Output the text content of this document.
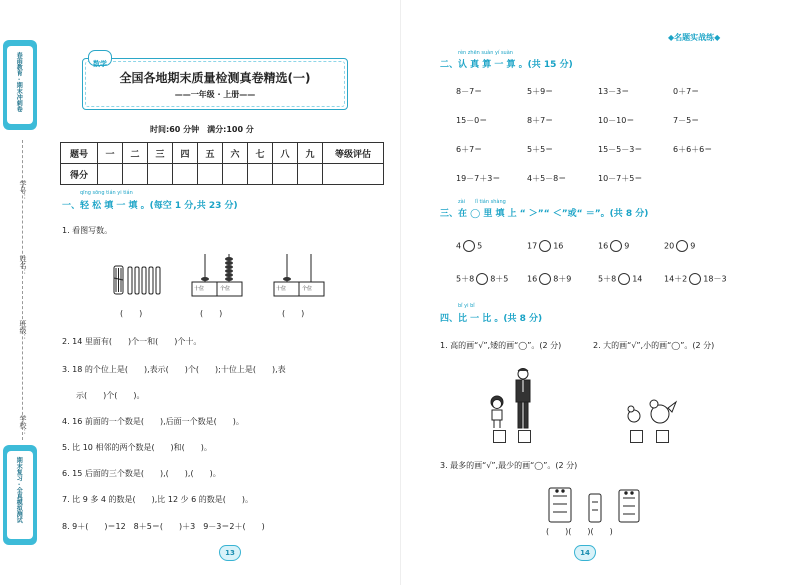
春雨教育 · 期末冲刺卷
期末复习 · 全真模拟测试
学号：
姓名：
班级：
学校：
数学
全国各地期末质量检测真卷精选(一)
——一年级 · 上册——
时间:60 分钟　满分:100 分
题号	一	二	三	四	五	六	七	八	九	等级评估
得分										
qīng sōng tián yi tián
一、轻 松 填 一 填 。(每空 1 分,共 23 分)
1. 看图写数。
十位	个位	十位	个位
(　　)	(　　)	(　　)
2. 14 里面有(　　)个一和(　　)个十。
3. 18 的个位上是(　　),表示(　　)个(　　);十位上是(　　),表
示(　　)个(　　)。
4. 16 前面的一个数是(　　),后面一个数是(　　)。
5. 比 10 相邻的两个数是(　　)和(　　)。
6. 15 后面的三个数是(　　),(　　),(　　)。
7. 比 9 多 4 的数是(　　),比 12 少 6 的数是(　　)。
8. 9＋(　　)＝12　8＋5＝(　　)＋3　9－3＝2＋(　　)
13
◆名题实战练◆
rèn zhēn suàn yí suàn
二、认 真 算 一 算 。(共 15 分)
8－7＝	5＋9＝	13－3＝	0＋7＝
15－0＝	8＋7＝	10－10＝	7－5＝
6＋7＝	5＋5＝	15－5－3＝	6＋6＋6＝
19－7＋3＝	4＋5－8＝	10－7＋5＝
zài　　lǐ tián shàng
三、在 ◯ 里 填 上 “ ＞”“ ＜”或“ ＝”。(共 8 分)
4 5	17 16	16 9	20 9
5＋8 8＋5 16 8＋9	5＋8 14	14＋2 18－3
bǐ yi bǐ
四、比 一 比 。(共 8 分)
1. 高的画“√”,矮的画“◯”。(2 分)	2. 大的画“√”,小的画“◯”。(2 分)
3. 最多的画“√”,最少的画“◯”。(2 分)
(　　)(　　)(　　)
14
